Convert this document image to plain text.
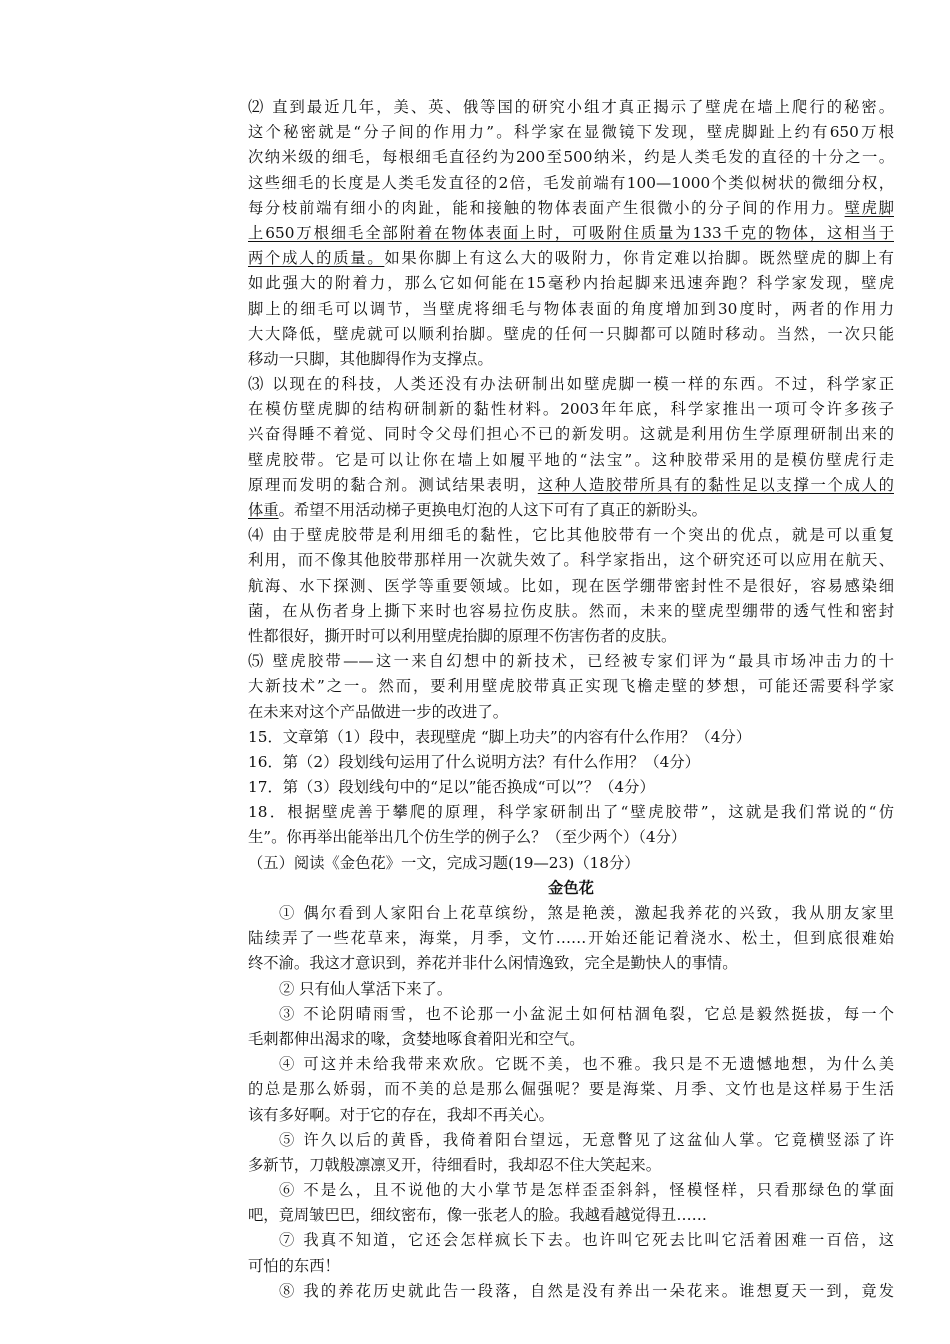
⑵ 直到最近几年，美、英、俄等国的研究小组才真正揭示了壁虎在墙上爬行的秘密。
这个秘密就是“分子间的作用力”。科学家在显微镜下发现，壁虎脚趾上约有650万根
次纳米级的细毛，每根细毛直径约为200至500纳米，约是人类毛发的直径的十分之一。
这些细毛的长度是人类毛发直径的2倍，毛发前端有100—1000个类似树状的微细分权，
每分枝前端有细小的肉趾，能和接触的物体表面产生很微小的分子间的作用力。壁虎脚
上650万根细毛全部附着在物体表面上时，可吸附住质量为133千克的物体，这相当于
两个成人的质量。如果你脚上有这么大的吸附力，你肯定难以抬脚。既然壁虎的脚上有
如此强大的附着力，那么它如何能在15毫秒内抬起脚来迅速奔跑？科学家发现，壁虎
脚上的细毛可以调节，当壁虎将细毛与物体表面的角度增加到30度时，两者的作用力
大大降低，壁虎就可以顺利抬脚。壁虎的任何一只脚都可以随时移动。当然，一次只能
移动一只脚，其他脚得作为支撑点。
⑶ 以现在的科技，人类还没有办法研制出如壁虎脚一模一样的东西。不过，科学家正
在模仿壁虎脚的结构研制新的黏性材料。2003年年底，科学家推出一项可令许多孩子
兴奋得睡不着觉、同时令父母们担心不已的新发明。这就是利用仿生学原理研制出来的
壁虎胶带。它是可以让你在墙上如履平地的“法宝”。这种胶带采用的是模仿壁虎行走
原理而发明的黏合剂。测试结果表明，这种人造胶带所具有的黏性足以支撑一个成人的
体重。希望不用活动梯子更换电灯泡的人这下可有了真正的新盼头。
⑷ 由于壁虎胶带是利用细毛的黏性，它比其他胶带有一个突出的优点，就是可以重复
利用，而不像其他胶带那样用一次就失效了。科学家指出，这个研究还可以应用在航天、
航海、水下探测、医学等重要领域。比如，现在医学绷带密封性不是很好，容易感染细
菌，在从伤者身上撕下来时也容易拉伤皮肤。然而，未来的壁虎型绷带的透气性和密封
性都很好，撕开时可以利用壁虎抬脚的原理不伤害伤者的皮肤。
⑸ 壁虎胶带——这一来自幻想中的新技术，已经被专家们评为“最具市场冲击力的十
大新技术”之一。然而，要利用壁虎胶带真正实现飞檐走壁的梦想，可能还需要科学家
在未来对这个产品做进一步的改进了。
15．文章第（1）段中，表现壁虎 “脚上功夫”的内容有什么作用？（4分）
16．第（2）段划线句运用了什么说明方法？有什么作用？（4分）
17．第（3）段划线句中的“足以”能否换成“可以”？（4分）
18．根据壁虎善于攀爬的原理，科学家研制出了“壁虎胶带”，这就是我们常说的“仿
生”。你再举出能举出几个仿生学的例子么？（至少两个）（4分）
（五）阅读《金色花》一文，完成习题(19—23)（18分）
金色花
① 偶尔看到人家阳台上花草缤纷，煞是艳羡，激起我养花的兴致，我从朋友家里
陆续弄了一些花草来，海棠，月季，文竹……开始还能记着浇水、松土，但到底很难始
终不渝。我这才意识到，养花并非什么闲情逸致，完全是勤快人的事情。
② 只有仙人掌活下来了。
③ 不论阴晴雨雪，也不论那一小盆泥土如何枯涸龟裂，它总是毅然挺拔，每一个
毛刺都伸出渴求的喙，贪婪地啄食着阳光和空气。
④ 可这并未给我带来欢欣。它既不美，也不雅。我只是不无遗憾地想，为什么美
的总是那么娇弱，而不美的总是那么倔强呢？要是海棠、月季、文竹也是这样易于生活
该有多好啊。对于它的存在，我却不再关心。
⑤ 许久以后的黄昏，我倚着阳台望远，无意瞥见了这盆仙人掌。它竟横竖添了许
多新节，刀戟般凛凛叉开，待细看时，我却忍不住大笑起来。
⑥ 不是么，且不说他的大小掌节是怎样歪歪斜斜，怪模怪样，只看那绿色的掌面
吧，竟周皱巴巴，细纹密布，像一张老人的脸。我越看越觉得丑……
⑦ 我真不知道，它还会怎样疯长下去。也许叫它死去比叫它活着困难一百倍，这
可怕的东西！
⑧ 我的养花历史就此告一段落，自然是没有养出一朵花来。谁想夏天一到，竟发
